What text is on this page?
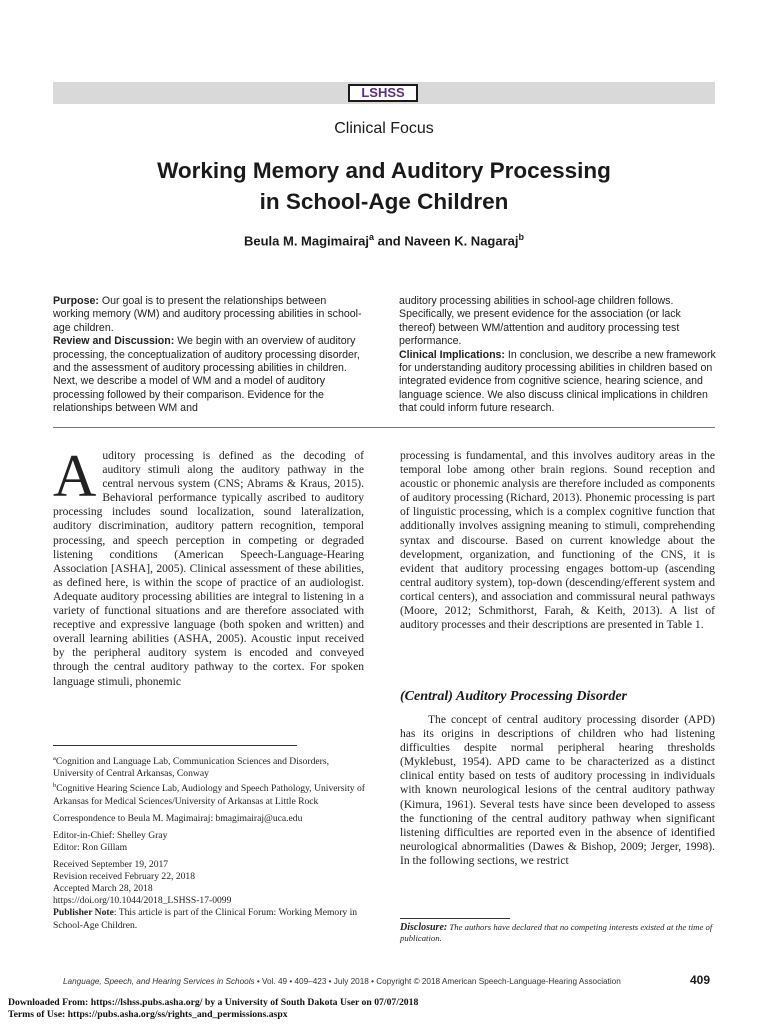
LSHSS
Clinical Focus
Working Memory and Auditory Processing
in School-Age Children
Beula M. Magimairaj$^a$ and Naveen K. Nagaraj$^b$
Purpose: Our goal is to present the relationships between working memory (WM) and auditory processing abilities in school-age children.
Review and Discussion: We begin with an overview of auditory processing, the conceptualization of auditory processing disorder, and the assessment of auditory processing abilities in children. Next, we describe a model of WM and a model of auditory processing followed by their comparison. Evidence for the relationships between WM and
auditory processing abilities in school-age children follows. Specifically, we present evidence for the association (or lack thereof) between WM/attention and auditory processing test performance.
Clinical Implications: In conclusion, we describe a new framework for understanding auditory processing abilities in children based on integrated evidence from cognitive science, hearing science, and language science. We also discuss clinical implications in children that could inform future research.
Auditory processing is defined as the decoding of auditory stimuli along the auditory pathway in the central nervous system (CNS; Abrams & Kraus, 2015). Behavioral performance typically ascribed to auditory processing includes sound localization, sound lateralization, auditory discrimination, auditory pattern recognition, temporal processing, and speech perception in competing or degraded listening conditions (American Speech-Language-Hearing Association [ASHA], 2005). Clinical assessment of these abilities, as defined here, is within the scope of practice of an audiologist. Adequate auditory processing abilities are integral to listening in a variety of functional situations and are therefore associated with receptive and expressive language (both spoken and written) and overall learning abilities (ASHA, 2005). Acoustic input received by the peripheral auditory system is encoded and conveyed through the central auditory pathway to the cortex. For spoken language stimuli, phonemic
processing is fundamental, and this involves auditory areas in the temporal lobe among other brain regions. Sound reception and acoustic or phonemic analysis are therefore included as components of auditory processing (Richard, 2013). Phonemic processing is part of linguistic processing, which is a complex cognitive function that additionally involves assigning meaning to stimuli, comprehending syntax and discourse. Based on current knowledge about the development, organization, and functioning of the CNS, it is evident that auditory processing engages bottom-up (ascending central auditory system), top-down (descending/efferent system and cortical centers), and association and commissural neural pathways (Moore, 2012; Schmithorst, Farah, & Keith, 2013). A list of auditory processes and their descriptions are presented in Table 1.
(Central) Auditory Processing Disorder

The concept of central auditory processing disorder (APD) has its origins in descriptions of children who had listening difficulties despite normal peripheral hearing thresholds (Myklebust, 1954). APD came to be characterized as a distinct clinical entity based on tests of auditory processing in individuals with known neurological lesions of the central auditory pathway (Kimura, 1961). Several tests have since been developed to assess the functioning of the central auditory pathway when significant listening difficulties are reported even in the absence of identified neurological abnormalities (Dawes & Bishop, 2009; Jerger, 1998). In the following sections, we restrict

$^a$Cognition and Language Lab, Communication Sciences and Disorders, University of Central Arkansas, Conway
$^b$Cognitive Hearing Science Lab, Audiology and Speech Pathology, University of Arkansas for Medical Sciences/University of Arkansas at Little Rock
Correspondence to Beula M. Magimairaj: bmagimairaj@uca.edu
Editor-in-Chief: Shelley Gray
Editor: Ron Gillam
Received September 19, 2017
Revision received February 22, 2018
Accepted March 28, 2018
https://doi.org/10.1044/2018_LSHSS-17-0099
Publisher Note: This article is part of the Clinical Forum: Working Memory in School-Age Children.	Disclosure: The authors have declared that no competing interests existed at the time of publication.
Language, Speech, and Hearing Services in Schools • Vol. 49 • 409–423 • July 2018 • Copyright © 2018 American Speech-Language-Hearing Association	409
Downloaded From: https://lshss.pubs.asha.org/ by a University of South Dakota User on 07/07/2018
Terms of Use: https://pubs.asha.org/ss/rights_and_permissions.aspx
